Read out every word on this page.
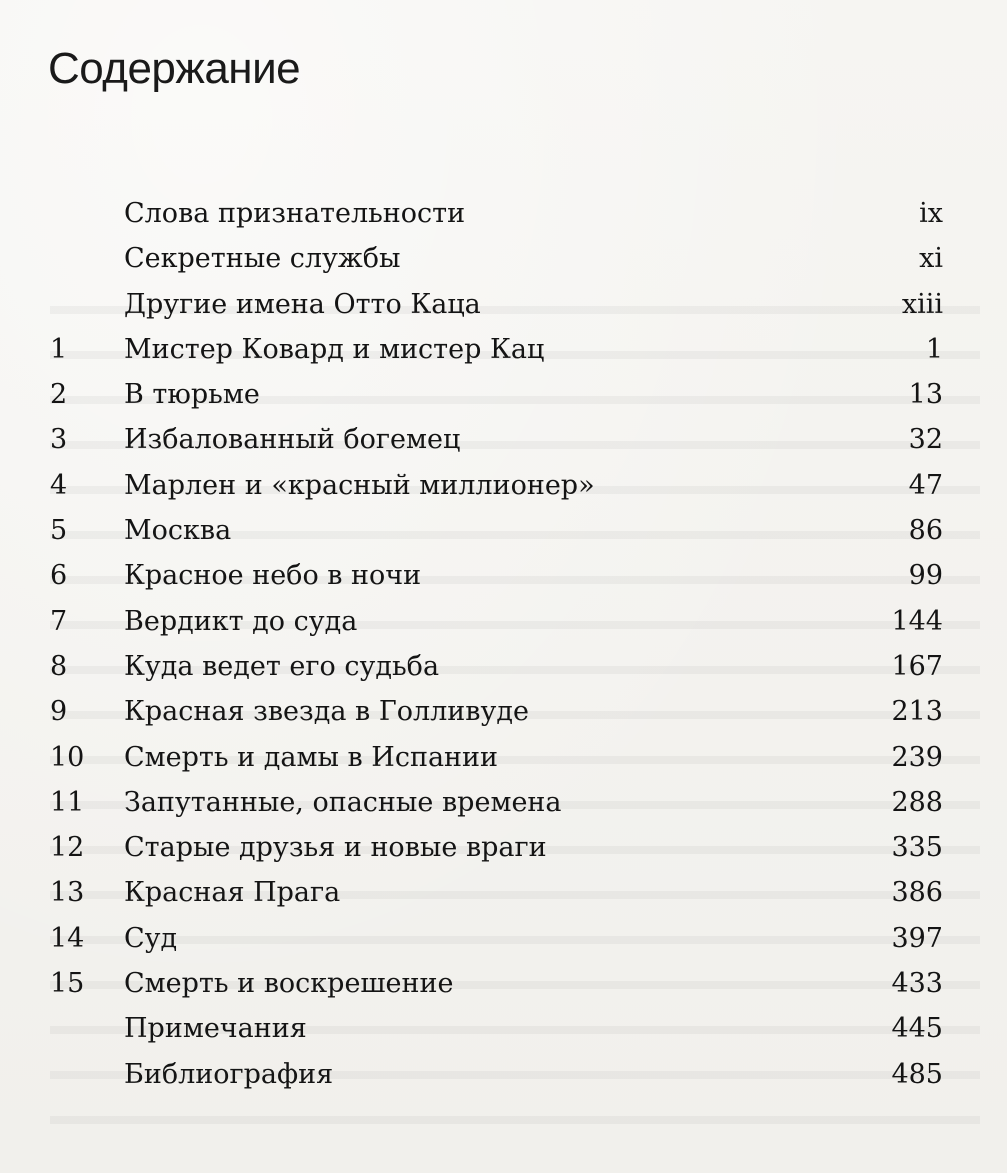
Содержание
Слова признательности	ix
Секретные службы	xi
Другие имена Отто Каца	xiii
1 Мистер Ковард и мистер Кац	1
2 В тюрьме	13
3 Избалованный богемец	32
4 Марлен и «красный миллионер»	47
5 Москва	86
6 Красное небо в ночи	99
7 Вердикт до суда	144
8 Куда ведет его судьба	167
9 Красная звезда в Голливуде	213
10 Смерть и дамы в Испании	239
11 Запутанные, опасные времена	288
12 Старые друзья и новые враги	335
13 Красная Прага	386
14 Суд	397
15 Смерть и воскрешение	433
Примечания	445
Библиография	485
